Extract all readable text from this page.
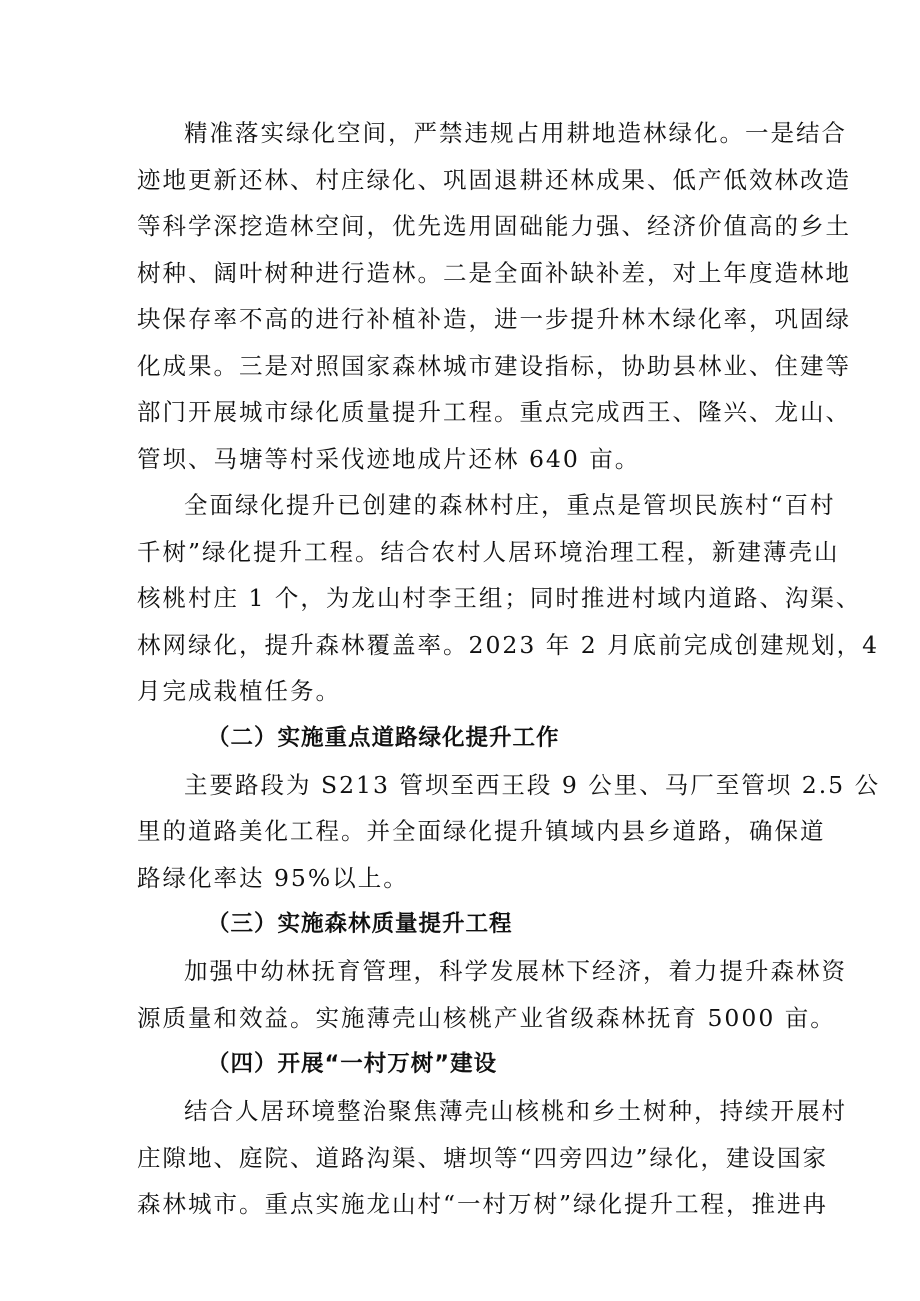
精准落实绿化空间，严禁违规占用耕地造林绿化。一是结合
迹地更新还林、村庄绿化、巩固退耕还林成果、低产低效林改造
等科学深挖造林空间，优先选用固础能力强、经济价值高的乡土
树种、阔叶树种进行造林。二是全面补缺补差，对上年度造林地
块保存率不高的进行补植补造，进一步提升林木绿化率，巩固绿
化成果。三是对照国家森林城市建设指标，协助县林业、住建等
部门开展城市绿化质量提升工程。重点完成西王、隆兴、龙山、
管坝、马塘等村采伐迹地成片还林 640 亩。
全面绿化提升已创建的森林村庄，重点是管坝民族村“百村
千树”绿化提升工程。结合农村人居环境治理工程，新建薄壳山
核桃村庄 1 个，为龙山村李王组；同时推进村域内道路、沟渠、
林网绿化，提升森林覆盖率。2023 年 2 月底前完成创建规划，4
月完成栽植任务。
（二）实施重点道路绿化提升工作
主要路段为 S213 管坝至西王段 9 公里、马厂至管坝 2.5 公
里的道路美化工程。并全面绿化提升镇域内县乡道路，确保道
路绿化率达 95%以上。
（三）实施森林质量提升工程
加强中幼林抚育管理，科学发展林下经济，着力提升森林资
源质量和效益。实施薄壳山核桃产业省级森林抚育 5000 亩。
（四）开展“一村万树”建设
结合人居环境整治聚焦薄壳山核桃和乡土树种，持续开展村
庄隙地、庭院、道路沟渠、塘坝等“四旁四边”绿化，建设国家
森林城市。重点实施龙山村“一村万树”绿化提升工程，推进冉
